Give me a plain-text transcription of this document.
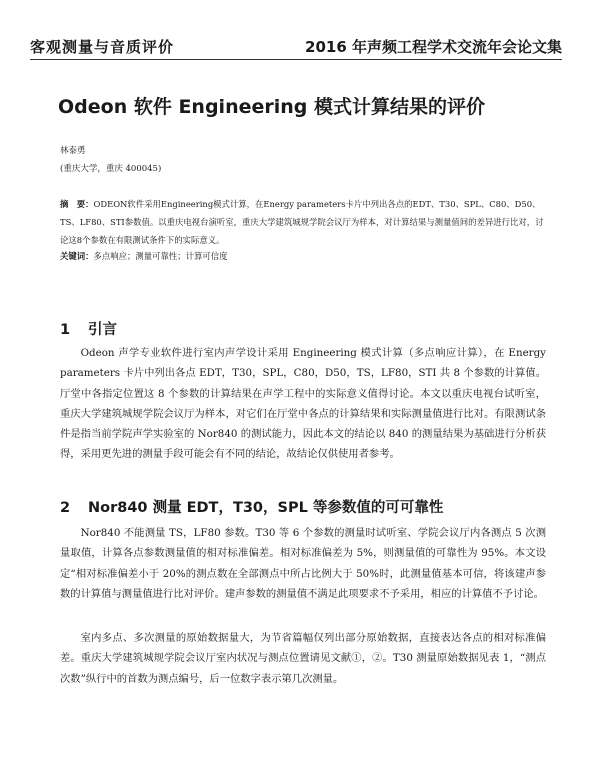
客观测量与音质评价	2016 年声频工程学术交流年会论文集
Odeon 软件 Engineering 模式计算结果的评价
林泰勇
(重庆大学，重庆 400045)

摘　要：ODEON软件采用Engineering模式计算，在Energy parameters卡片中列出各点的EDT、T30、SPL、C80、D50、TS、LF80、STI参数值。以重庆电视台演听室，重庆大学建筑城规学院会议厅为样本，对计算结果与测量值间的差异进行比对，讨论这8个参数在有限测试条件下的实际意义。

关键词：多点响应；测量可靠性；计算可信度
1 引言

Odeon 声学专业软件进行室内声学设计采用 Engineering 模式计算（多点响应计算），在 Energy parameters 卡片中列出各点 EDT，T30，SPL，C80，D50，TS，LF80，STI 共 8 个参数的计算值。厅堂中各指定位置这 8 个参数的计算结果在声学工程中的实际意义值得讨论。本文以重庆电视台试听室，重庆大学建筑城规学院会议厅为样本，对它们在厅堂中各点的计算结果和实际测量值进行比对。有限测试条件是指当前学院声学实验室的 Nor840 的测试能力，因此本文的结论以 840 的测量结果为基础进行分析获得，采用更先进的测量手段可能会有不同的结论，故结论仅供使用者参考。

2 Nor840 测量 EDT，T30，SPL 等参数值的可可靠性

Nor840 不能测量 TS，LF80 参数。T30 等 6 个参数的测量时试听室、学院会议厅内各测点 5 次测量取值，计算各点参数测量值的相对标准偏差。相对标准偏差为 5%，则测量值的可靠性为 95%。本文设定“相对标准偏差小于 20%的测点数在全部测点中所占比例大于 50%时，此测量值基本可信，将该建声参数的计算值与测量值进行比对评价。建声参数的测量值不满足此项要求不予采用，相应的计算值不予讨论。

室内多点、多次测量的原始数据量大，为节省篇幅仅列出部分原始数据，直接表达各点的相对标准偏差。重庆大学建筑城规学院会议厅室内状况与测点位置请见文献①，②。T30 测量原始数据见表 1，“测点次数”纵行中的首数为测点编号，后一位数字表示第几次测量。
